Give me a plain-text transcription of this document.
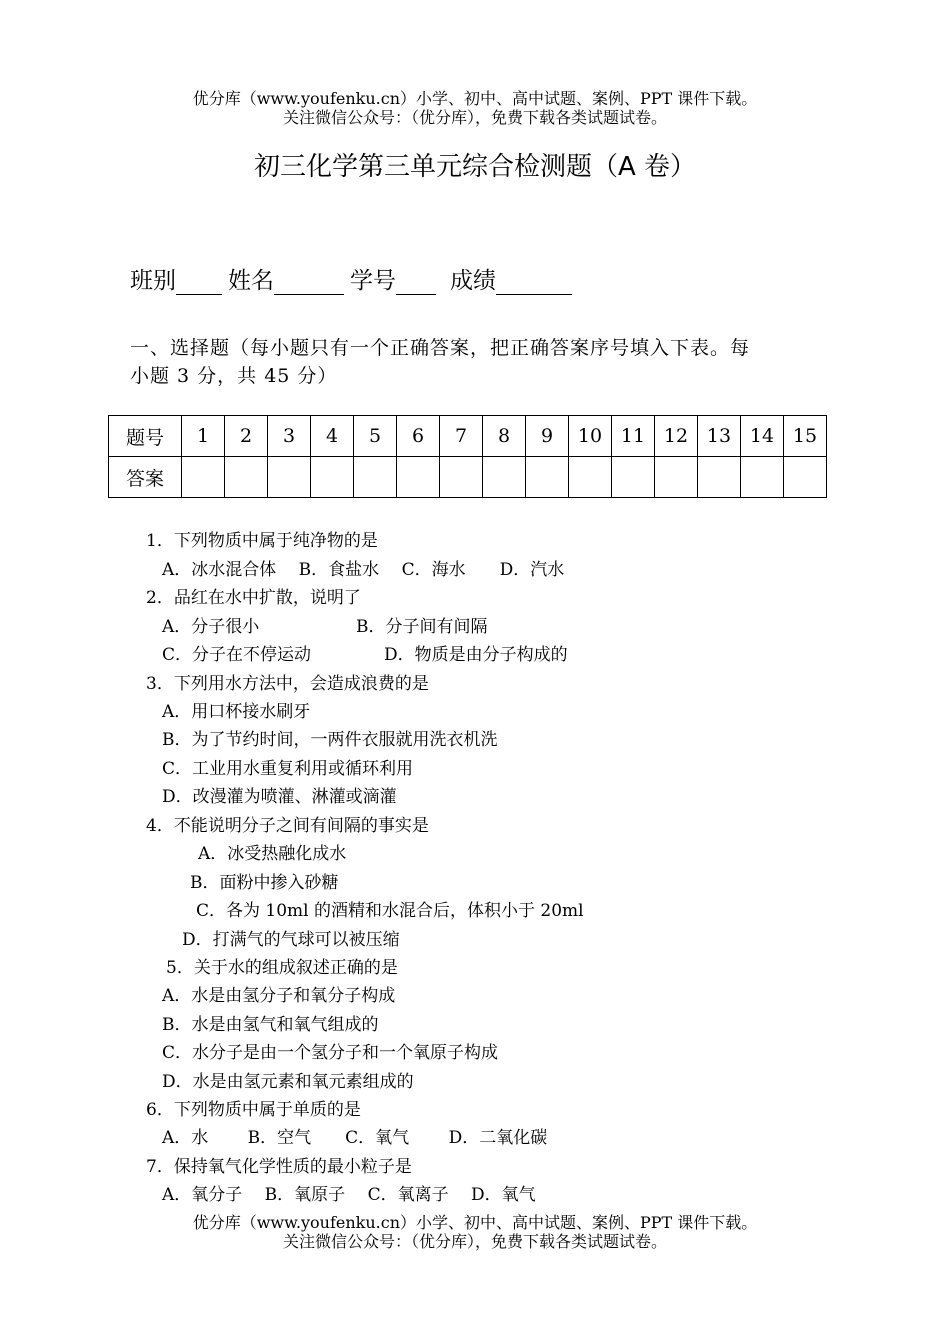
优分库（www.youfenku.cn）小学、初中、高中试题、案例、PPT 课件下载。
关注微信公众号：（优分库），免费下载各类试题试卷。
初三化学第三单元综合检测题（A 卷）
班别 姓名	学号 成绩
一、选择题（每小题只有一个正确答案，把正确答案序号填入下表。每
小题 3 分，共 45 分）
题号	1	2	3	4	5	6	7	8	9	10	11	12	13	14	15
答案															
1．下列物质中属于纯净物的是
A．冰水混合体　 B．食盐水　 C．海水　　D．汽水
2．品红在水中扩散，说明了
A．分子很小	B．分子间有间隔
C．分子在不停运动	D．物质是由分子构成的
3．下列用水方法中，会造成浪费的是
A．用口杯接水刷牙
B．为了节约时间，一两件衣服就用洗衣机洗
C．工业用水重复利用或循环利用
D．改漫灌为喷灌、淋灌或滴灌
4．不能说明分子之间有间隔的事实是
A．冰受热融化成水
B．面粉中掺入砂糖
C．各为 10ml 的酒精和水混合后，体积小于 20ml
D．打满气的气球可以被压缩
5．关于水的组成叙述正确的是
A．水是由氢分子和氧分子构成
B．水是由氢气和氧气组成的
C．水分子是由一个氢分子和一个氧原子构成
D．水是由氢元素和氧元素组成的
6．下列物质中属于单质的是
A．水　　 B．空气　　C．氧气　　 D．二氧化碳
7．保持氧气化学性质的最小粒子是
A．氧分子　 B．氧原子　 C．氧离子　 D．氧气
优分库（www.youfenku.cn）小学、初中、高中试题、案例、PPT 课件下载。
关注微信公众号：（优分库），免费下载各类试题试卷。
